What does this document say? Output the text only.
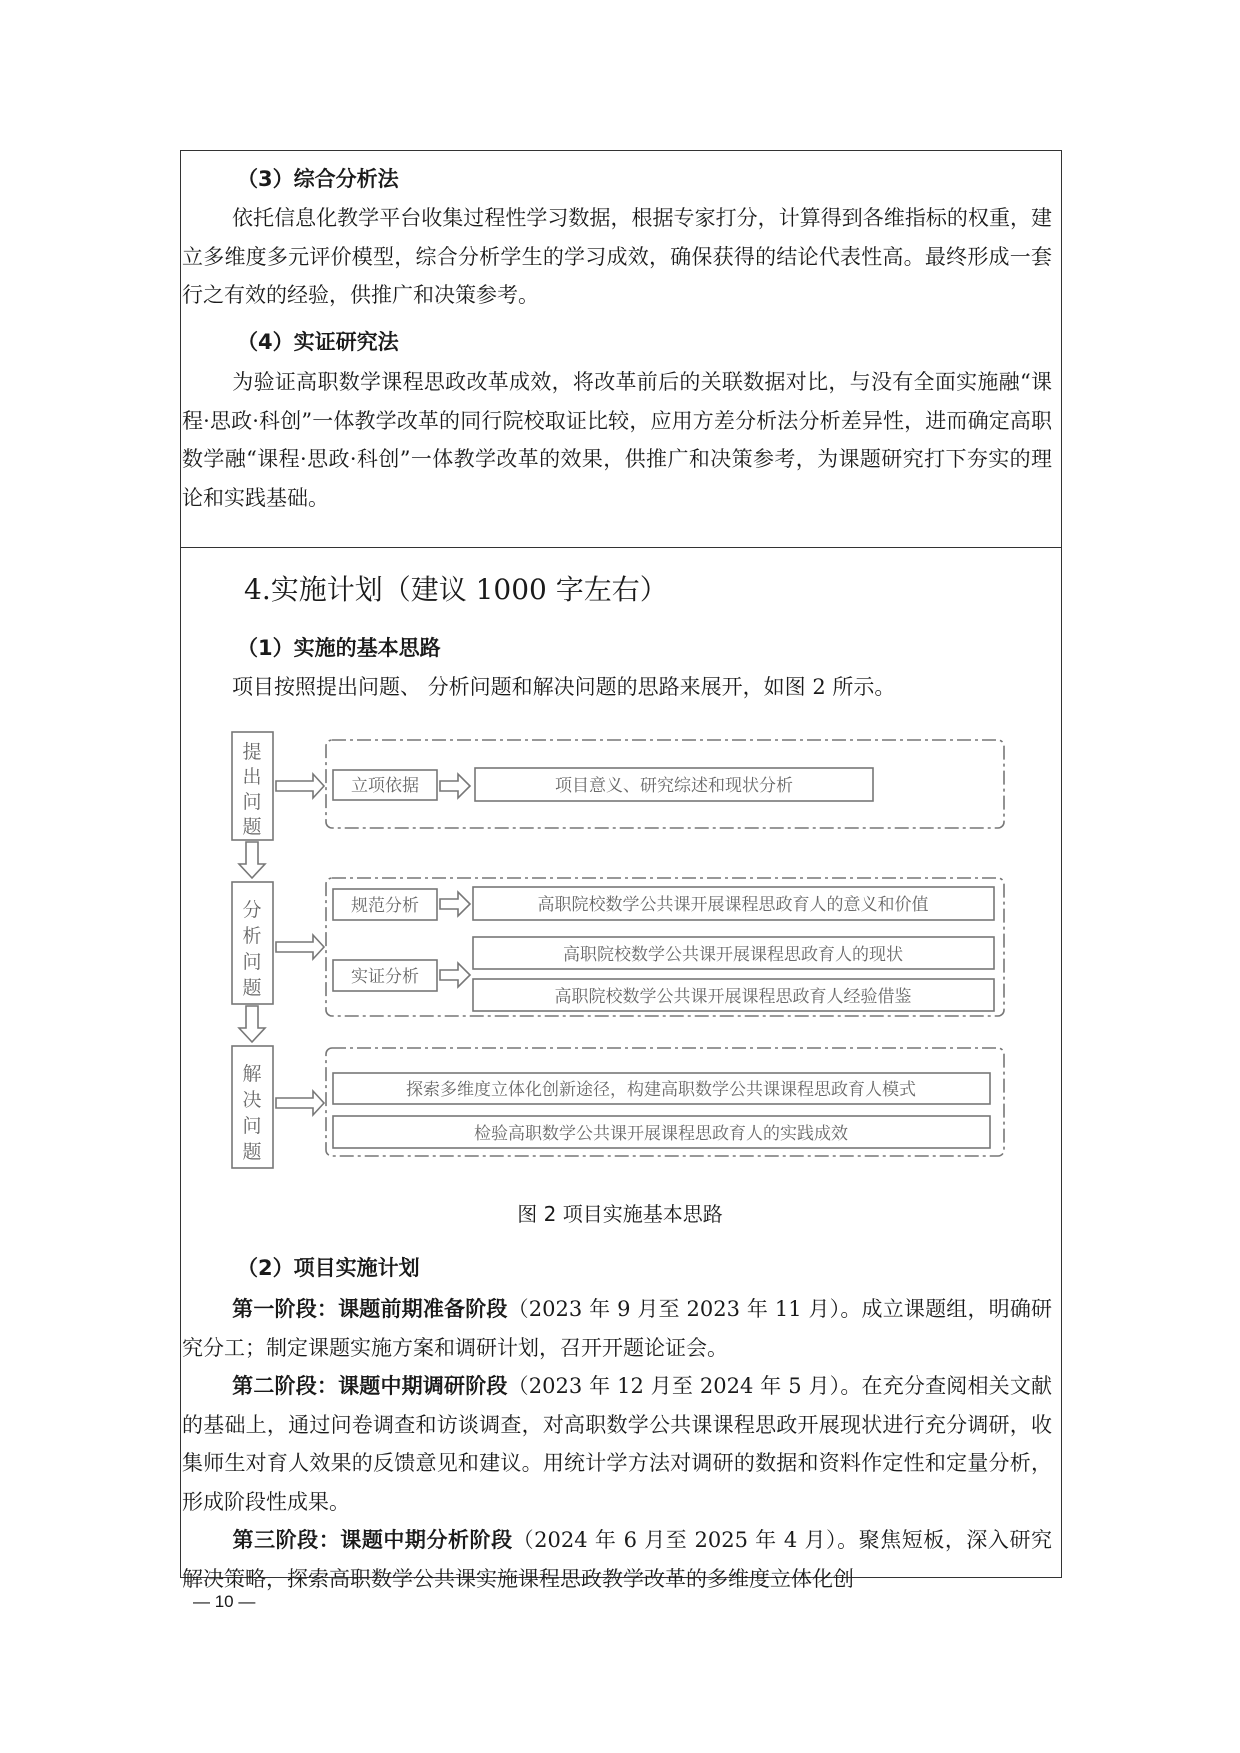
（3）综合分析法
依托信息化教学平台收集过程性学习数据，根据专家打分，计算得到各维指标的权重，建立多维度多元评价模型，综合分析学生的学习成效，确保获得的结论代表性高。最终形成一套行之有效的经验，供推广和决策参考。
（4）实证研究法
为验证高职数学课程思政改革成效，将改革前后的关联数据对比，与没有全面实施融“课程·思政·科创”一体教学改革的同行院校取证比较，应用方差分析法分析差异性，进而确定高职数学融“课程·思政·科创”一体教学改革的效果，供推广和决策参考，为课题研究打下夯实的理论和实践基础。
4.实施计划（建议 1000 字左右）
（1）实施的基本思路
项目按照提出问题、 分析问题和解决问题的思路来展开，如图 2 所示。
提
出
问
题
分
析
问
题
解
决
问
题
立项依据	项目意义、研究综述和现状分析
规范分析	高职院校数学公共课开展课程思政育人的意义和价值
实证分析
高职院校数学公共课开展课程思政育人的现状
高职院校数学公共课开展课程思政育人经验借鉴
探索多维度立体化创新途径，构建高职数学公共课课程思政育人模式
检验高职数学公共课开展课程思政育人的实践成效
图 2 项目实施基本思路
（2）项目实施计划
第一阶段：课题前期准备阶段（2023 年 9 月至 2023 年 11 月）。成立课题组，明确研究分工；制定课题实施方案和调研计划，召开开题论证会。
第二阶段：课题中期调研阶段（2023 年 12 月至 2024 年 5 月）。在充分查阅相关文献的基础上，通过问卷调查和访谈调查，对高职数学公共课课程思政开展现状进行充分调研，收集师生对育人效果的反馈意见和建议。用统计学方法对调研的数据和资料作定性和定量分析，形成阶段性成果。
第三阶段：课题中期分析阶段（2024 年 6 月至 2025 年 4 月）。聚焦短板，深入研究解决策略，探索高职数学公共课实施课程思政教学改革的多维度立体化创
— 10 —
